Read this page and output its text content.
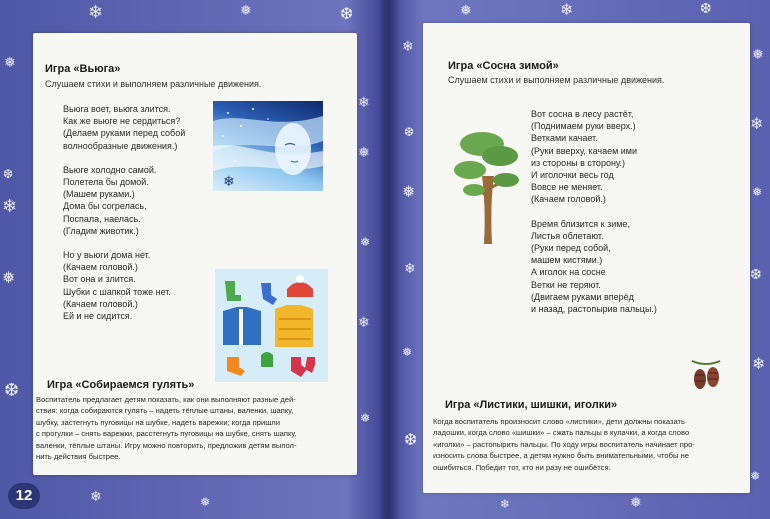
❄	❅	❆
❅
❄
❅
❆
❄
❅
❅
❄
❆
❅
❄	❅
❅	❄	❆
❄	❅
❆	❄
❅	❅
❄	❆
❅
❄
❆
❄	❅
❅
Игра «Вьюга»
Слушаем стихи и выполняем различные движения.
Вьюга воет, вьюга злится.
Как же вьюге не сердиться?
(Делаем руками перед собой
волнообразные движения.)
Вьюге холодно самой.
Полетела бы домой.
(Машем руками.)
Дома бы согрелась,
Поспала, наелась.
(Гладим животик.)
Но у вьюги дома нет.
(Качаем головой.)
Вот она и злится.
Шубки с шапкой тоже нет.
(Качаем головой.)
Ей и не сидится.
❄
Игра «Собираемся гулять»
Воспитатель предлагает детям показать, как они выполняют разные дей-
ствия: когда собираются гулять – надеть тёплые штаны, валенки, шапку,
шубку, застегнуть пуговицы на шубке, надеть варежки; когда пришли
с прогулки – снять варежки, расстегнуть пуговицы на шубке, снять шапку,
валенки, тёплые штаны. Игру можно повторить, предложив детям выпол-
нить действия быстрее.
12
Игра «Сосна зимой»
Слушаем стихи и выполняем различные движения.
Вот сосна в лесу растёт,
(Поднимаем руки вверх.)
Ветками качает.
(Руки вверху, качаем ими
из стороны в сторону.)
И иголочки весь год
Вовсе не меняет.
(Качаем головой.)
Время близится к зиме,
Листья облетают.
(Руки перед собой,
машем кистями.)
А иголок на сосне
Ветки не теряют.
(Двигаем руками вперёд
и назад, растопырив пальцы.)
Игра «Листики, шишки, иголки»
Когда воспитатель произносит слово «листики», дети должны показать
ладошки, когда слово «шишки» – сжать пальцы в кулачки, а когда слово
«иголки» – растопырить пальцы. По ходу игры воспитатель начинает про-
износить слова быстрее, а детям нужно быть внимательными, чтобы не
ошибиться. Победит тот, кто ни разу не ошибётся.
